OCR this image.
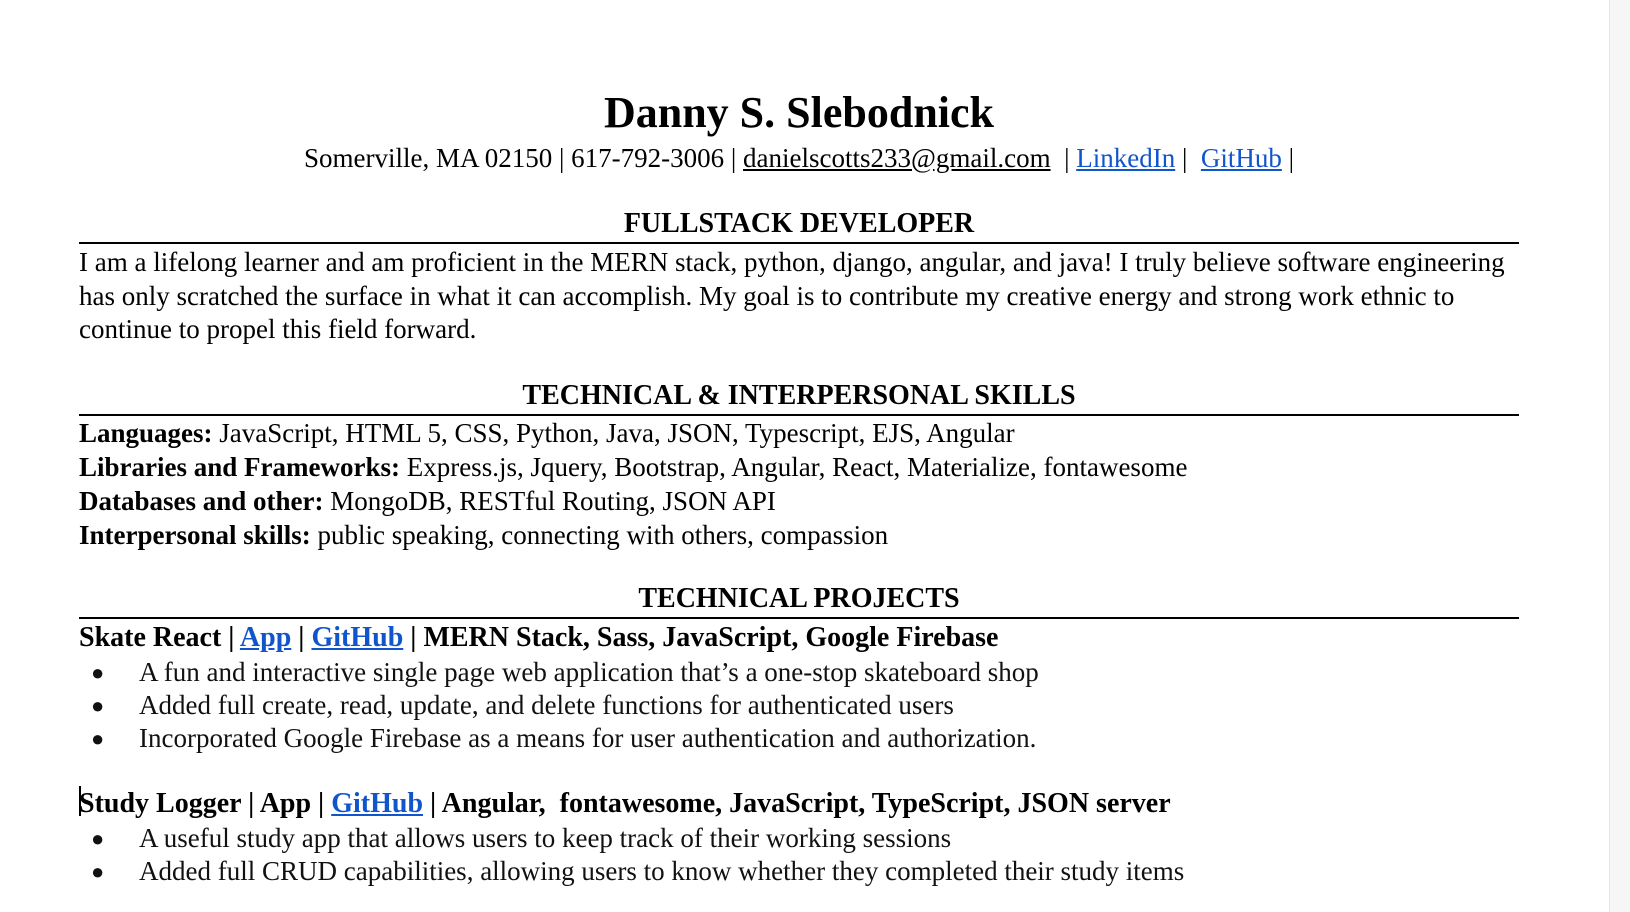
Danny S. Slebodnick
Somerville, MA 02150 | 617-792-3006 | danielscotts233@gmail.com  | LinkedIn |  GitHub |
FULLSTACK DEVELOPER
I am a lifelong learner and am proficient in the MERN stack, python, django, angular, and java! I truly believe software engineering has only scratched the surface in what it can accomplish. My goal is to contribute my creative energy and strong work ethnic to continue to propel this field forward.
TECHNICAL & INTERPERSONAL SKILLS
Languages: JavaScript, HTML 5, CSS, Python, Java, JSON, Typescript, EJS, Angular
Libraries and Frameworks: Express.js, Jquery, Bootstrap, Angular, React, Materialize, fontawesome
Databases and other: MongoDB, RESTful Routing, JSON API
Interpersonal skills: public speaking, connecting with others, compassion
TECHNICAL PROJECTS
Skate React | App | GitHub | MERN Stack, Sass, JavaScript, Google Firebase
● A fun and interactive single page web application that’s a one-stop skateboard shop
● Added full create, read, update, and delete functions for authenticated users
● Incorporated Google Firebase as a means for user authentication and authorization.
Study Logger | App | GitHub | Angular,  fontawesome, JavaScript, TypeScript, JSON server
● A useful study app that allows users to keep track of their working sessions
● Added full CRUD capabilities, allowing users to know whether they completed their study items
